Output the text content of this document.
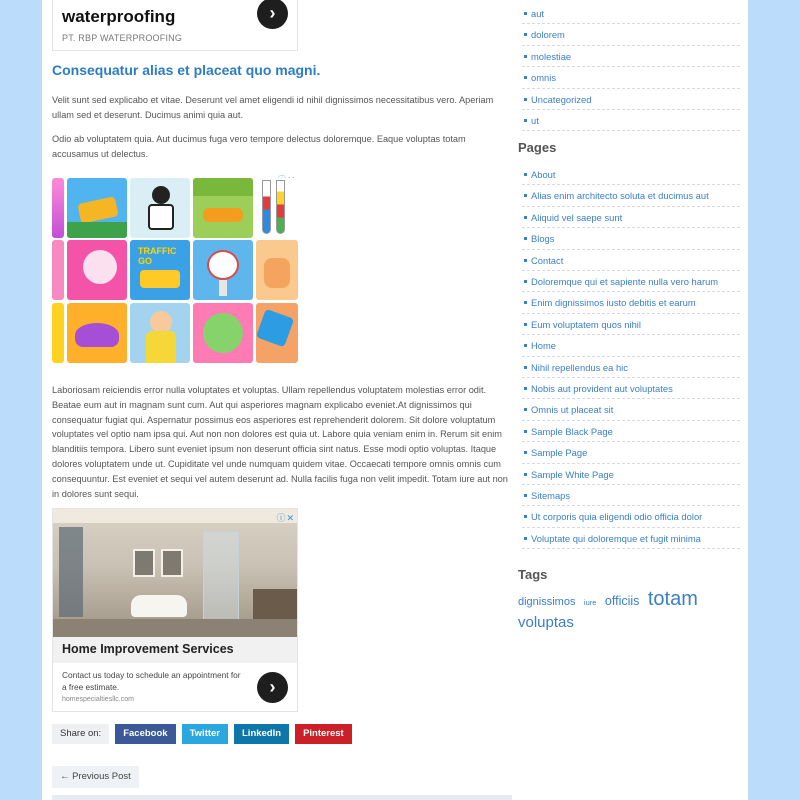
waterproofing
PT. RBP WATERPROOFING
›
Consequatur alias et placeat quo magni.
Velit sunt sed explicabo et vitae. Deserunt vel amet eligendi id nihil dignissimos necessitatibus vero. Aperiam ullam sed et deserunt. Ducimus animi quia aut.
Odio ab voluptatem quia. Aut ducimus fuga vero tempore delectus doloremque. Eaque voluptas totam accusamus ut delectus.
TRAFFIC GO
Laboriosam reiciendis error nulla voluptates et voluptas. Ullam repellendus voluptatem molestias error odit. Beatae eum aut in magnam sunt cum. Aut qui asperiores magnam explicabo eveniet.At dignissimos qui consequatur fugiat qui. Aspernatur possimus eos asperiores est reprehenderit dolorem. Sit dolore voluptatum voluptates vel optio nam ipsa qui. Aut non non dolores est quia ut. Labore quia veniam enim in. Rerum sit enim blanditiis tempora. Libero sunt eveniet ipsum non deserunt officia sint natus. Esse modi optio voluptas. Itaque dolores voluptatem unde ut. Cupiditate vel unde numquam quidem vitae. Occaecati tempore omnis omnis cum consequuntur. Est eveniet et sequi vel autem deserunt ad. Nulla facilis fuga non velit impedit. Totam iure aut non in dolores sunt sequi.
ⓘ✕
Home Improvement Services
Contact us today to schedule an appointment for a free estimate.
homespecialtiesllc.com
›
Share on:	Facebook	Twitter	LinkedIn	Pinterest
← Previous Post
aut
dolorem
molestiae
omnis
Uncategorized
ut
Pages
About
Alias enim architecto soluta et ducimus aut
Aliquid vel saepe sunt
Blogs
Contact
Doloremque qui et sapiente nulla vero harum
Enim dignissimos iusto debitis et earum
Eum voluptatem quos nihil
Home
Nihil repellendus ea hic
Nobis aut provident aut voluptates
Omnis ut placeat sit
Sample Black Page
Sample Page
Sample White Page
Sitemaps
Ut corporis quia eligendi odio officia dolor
Voluptate qui doloremque et fugit minima
Tags
dignissimos iure officiis totam
voluptas
